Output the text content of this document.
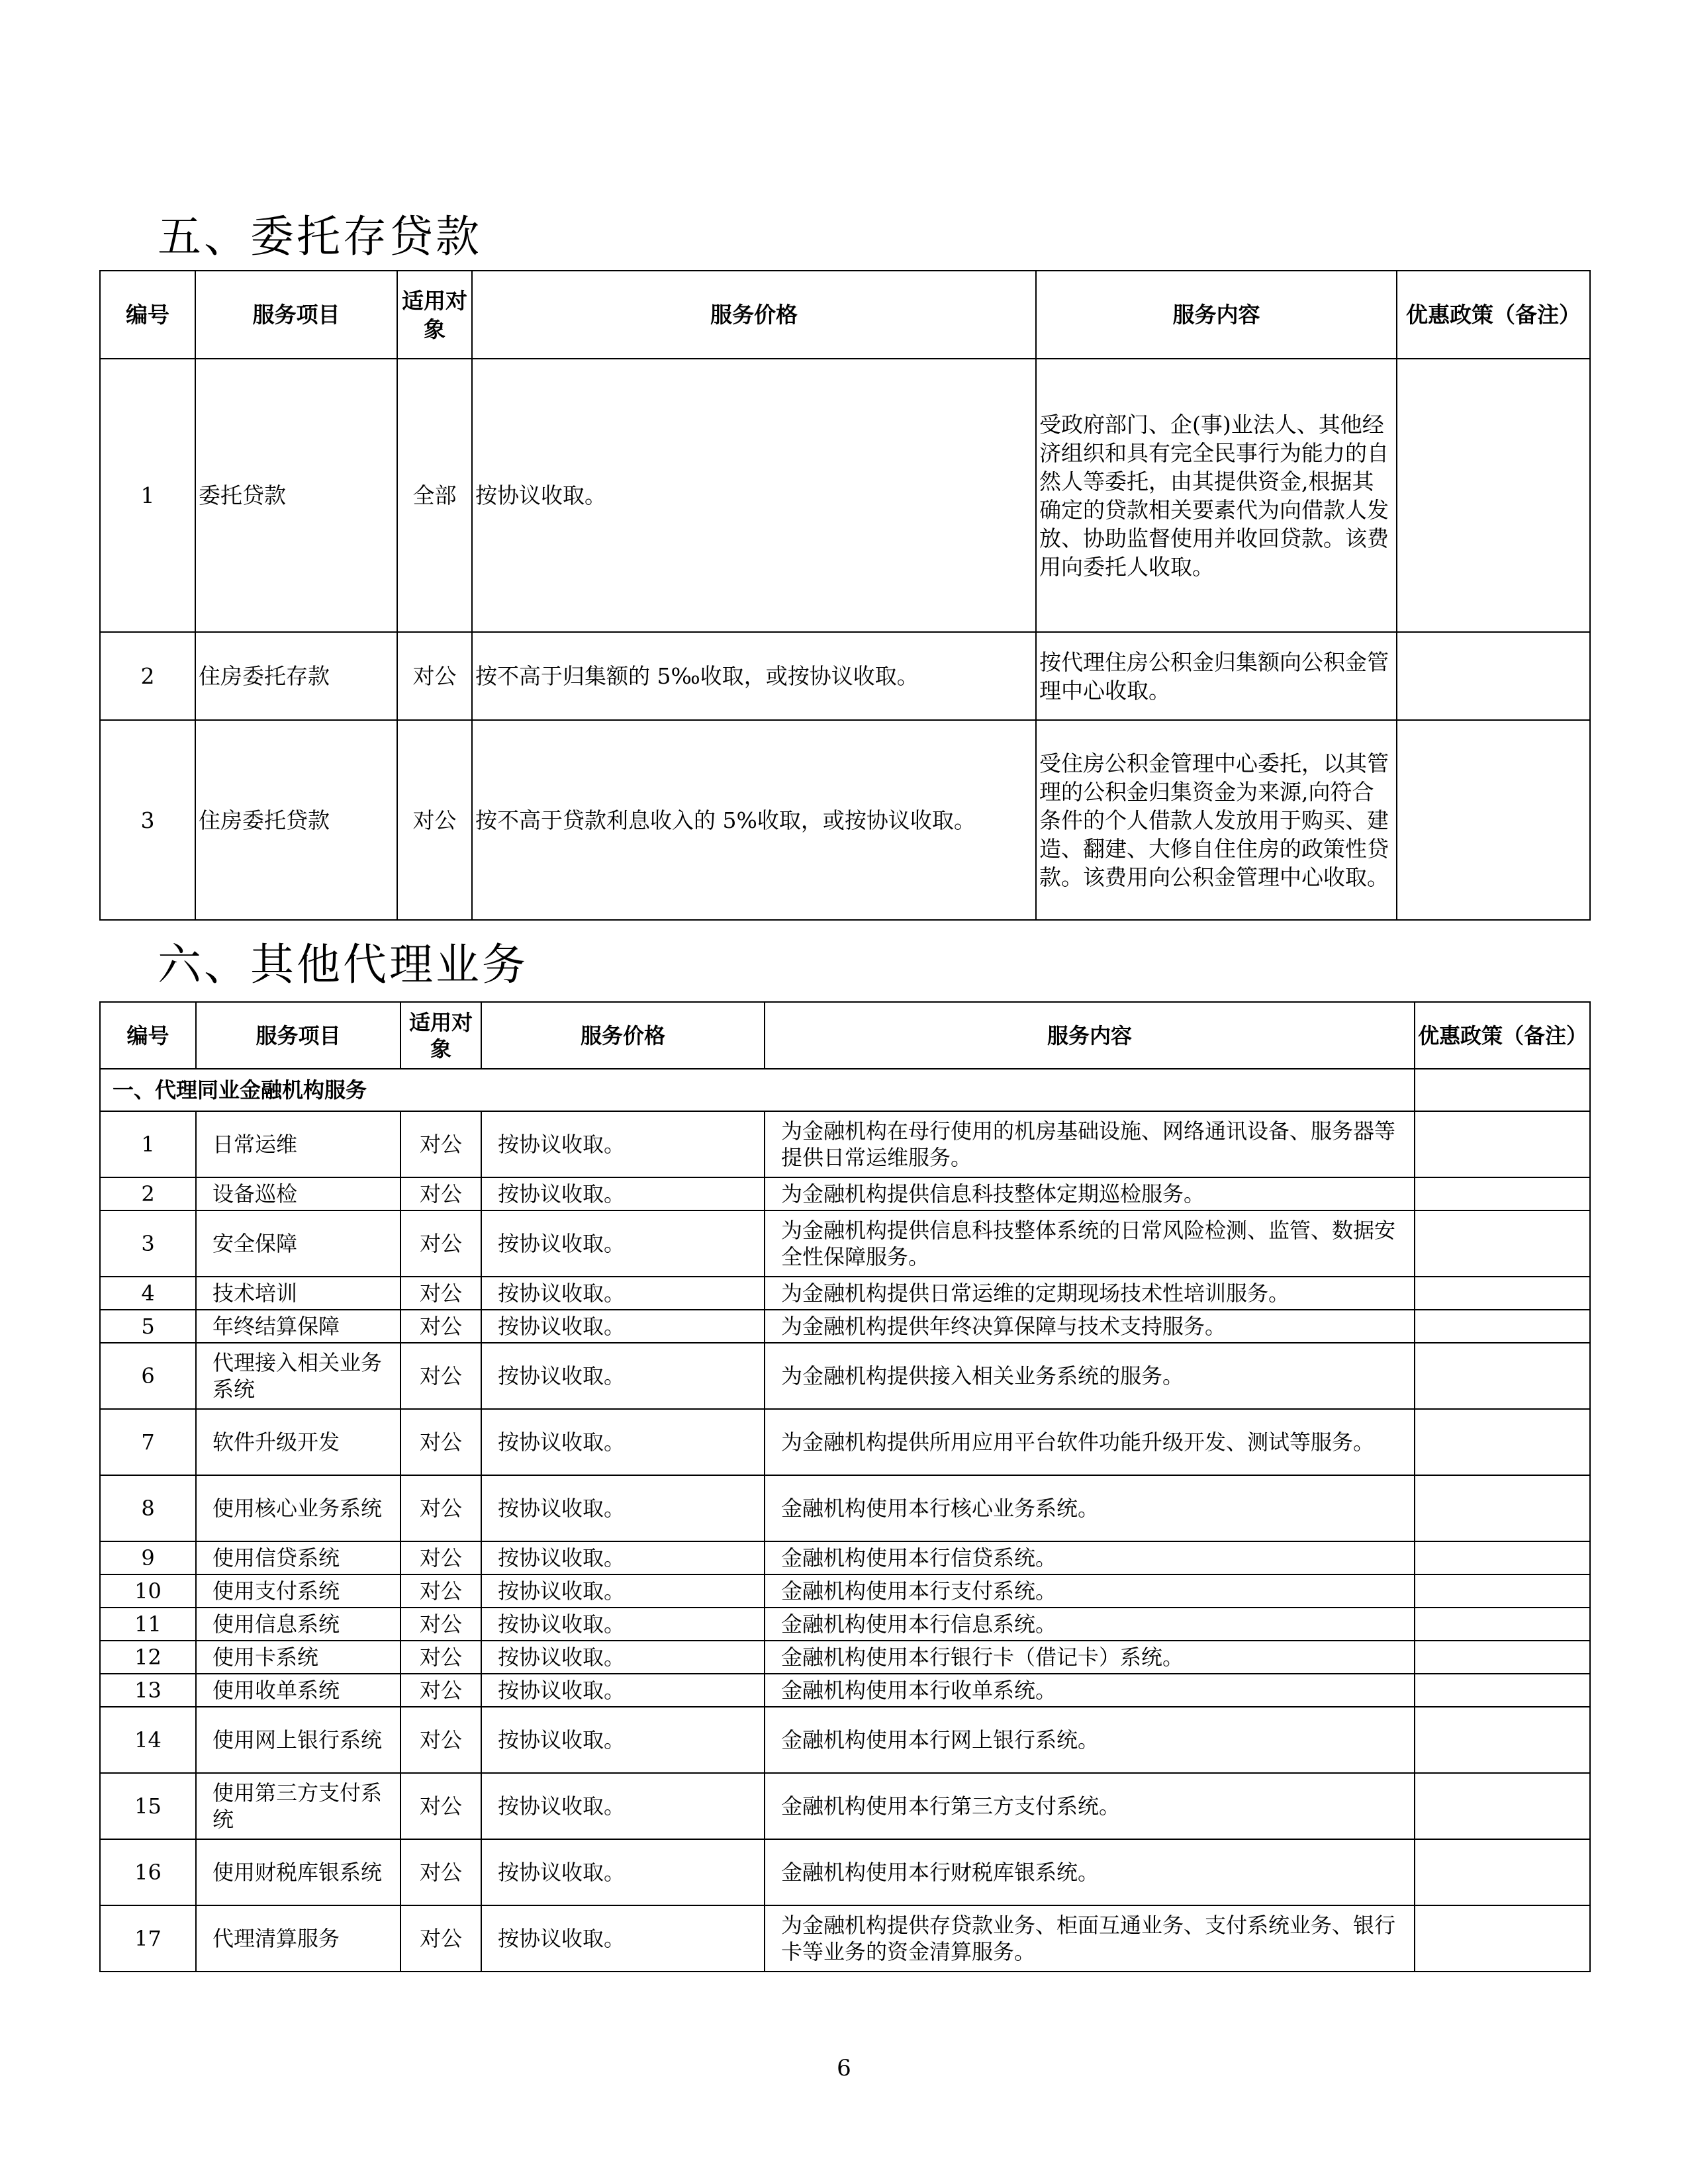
五、委托存贷款
编号	服务项目	适用对象	服务价格	服务内容	优惠政策（备注）
1	委托贷款	全部	按协议收取。	受政府部门、企(事)业法人、其他经济组织和具有完全民事行为能力的自然人等委托，由其提供资金,根据其确定的贷款相关要素代为向借款人发放、协助监督使用并收回贷款。该费用向委托人收取。	
2	住房委托存款	对公	按不高于归集额的 5‰收取，或按协议收取。	按代理住房公积金归集额向公积金管理中心收取。	
3	住房委托贷款	对公	按不高于贷款利息收入的 5%收取，或按协议收取。	受住房公积金管理中心委托，以其管理的公积金归集资金为来源,向符合条件的个人借款人发放用于购买、建造、翻建、大修自住住房的政策性贷款。该费用向公积金管理中心收取。	
六、其他代理业务
编号	服务项目	适用对象	服务价格	服务内容	优惠政策（备注）
一、代理同业金融机构服务					
1	日常运维	对公	按协议收取。	为金融机构在母行使用的机房基础设施、网络通讯设备、服务器等提供日常运维服务。	
2	设备巡检	对公	按协议收取。	为金融机构提供信息科技整体定期巡检服务。	
3	安全保障	对公	按协议收取。	为金融机构提供信息科技整体系统的日常风险检测、监管、数据安全性保障服务。	
4	技术培训	对公	按协议收取。	为金融机构提供日常运维的定期现场技术性培训服务。	
5	年终结算保障	对公	按协议收取。	为金融机构提供年终决算保障与技术支持服务。	
6	代理接入相关业务系统	对公	按协议收取。	为金融机构提供接入相关业务系统的服务。	
7	软件升级开发	对公	按协议收取。	为金融机构提供所用应用平台软件功能升级开发、测试等服务。	
8	使用核心业务系统	对公	按协议收取。	金融机构使用本行核心业务系统。	
9	使用信贷系统	对公	按协议收取。	金融机构使用本行信贷系统。	
10	使用支付系统	对公	按协议收取。	金融机构使用本行支付系统。	
11	使用信息系统	对公	按协议收取。	金融机构使用本行信息系统。	
12	使用卡系统	对公	按协议收取。	金融机构使用本行银行卡（借记卡）系统。	
13	使用收单系统	对公	按协议收取。	金融机构使用本行收单系统。	
14	使用网上银行系统	对公	按协议收取。	金融机构使用本行网上银行系统。	
15	使用第三方支付系统	对公	按协议收取。	金融机构使用本行第三方支付系统。	
16	使用财税库银系统	对公	按协议收取。	金融机构使用本行财税库银系统。	
17	代理清算服务	对公	按协议收取。	为金融机构提供存贷款业务、柜面互通业务、支付系统业务、银行卡等业务的资金清算服务。	
6
